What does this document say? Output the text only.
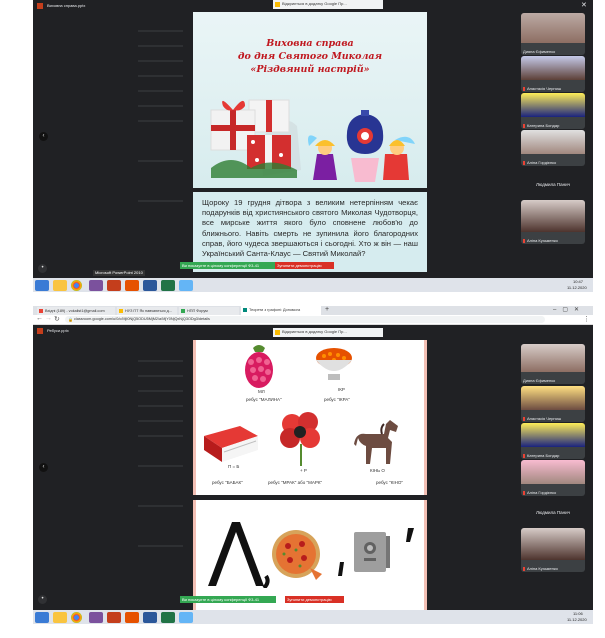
Виховна справа.pptx	Відкриється в додатку Google Пр...	✕
‹
•
Виховна справа
до дня Святого Миколая
«Різдвяний настрій»
Щороку 19 грудня дітвора з великим нетерпінням чекає подарунків від християнського святого Миколая Чудотворця, все мирське життя якого було сповнене любов'ю до ближнього. Навіть смерть не зупинила його благородних справ, його чудеса звершаються і сьогодні. Хто ж він — наш Український Санта-Клаус — Святий Миколай?
Дияна Єфименко
Анастасія Черниш
Катерина Бондар
Аліна Гордієнко
Людмила Панич
Аліна Кузьменко
Microsoft PowerPoint 2010
Ви показуєте в цілому конференції Ф3-41	Зупинити демонстрацію
10:47
11.12.2020
Вхідні (189) - vokalist1@gmail.com	НУЗ ПТ Як навчаються д...	НПП Форум	Теорети з графоні: Допомога	+	–▢✕
← → ↻ 🔒 classroom.google.com/u/0/c/MjI0NjQ5ODU5MjM2/a/MjY0NjQxNjQ3ODg3/details	⋮
Ребуси.pptx	Відкриється в додатку Google Пр...
‹
•
МЛ
ребус "МАЛИНА"
ІКР
ребус "ІКРА"
П = Б
ребус "БАБАК"
+ Р
ребус "МРАК" або "МАРК"
КІНЬ О
ребус "КІНО"
Дияна Єфименко
Анастасія Черниш
Катерина Бондар
Аліна Гордієнко
Людмила Панич
Аліна Кузьменко
Ви показуєте в цілому конференції Ф3-41	Зупинити демонстрацію
11:06
11.12.2020
